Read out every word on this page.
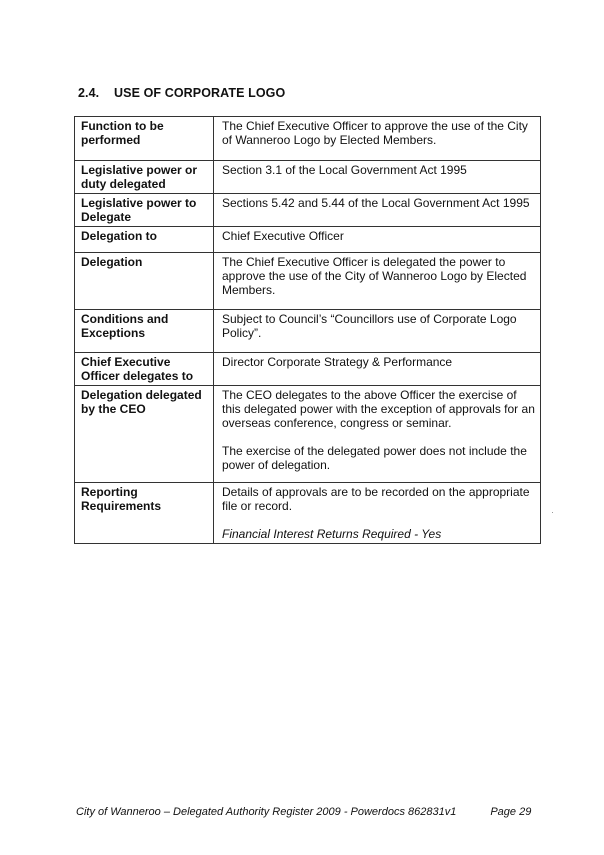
2.4. USE OF CORPORATE LOGO
Function to be performed	The Chief Executive Officer to approve the use of the City of Wanneroo Logo by Elected Members.
Legislative power or duty delegated	Section 3.1 of the Local Government Act 1995
Legislative power to Delegate	Sections 5.42 and 5.44 of the Local Government Act 1995
Delegation to	Chief Executive Officer
Delegation	The Chief Executive Officer is delegated the power to approve the use of the City of Wanneroo Logo by Elected Members.
Conditions and Exceptions	Subject to Council’s “Councillors use of Corporate Logo Policy”.
Chief Executive Officer delegates to	Director Corporate Strategy & Performance
Delegation delegated by the CEO	The CEO delegates to the above Officer the exercise of this delegated power with the exception of approvals for an overseas conference, congress or seminar.
The exercise of the delegated power does not include the power of delegation.

Reporting Requirements	Details of approvals are to be recorded on the appropriate file or record.
Financial Interest Returns Required - Yes
City of Wanneroo – Delegated Authority Register 2009 - Powerdocs 862831v1	Page 29
